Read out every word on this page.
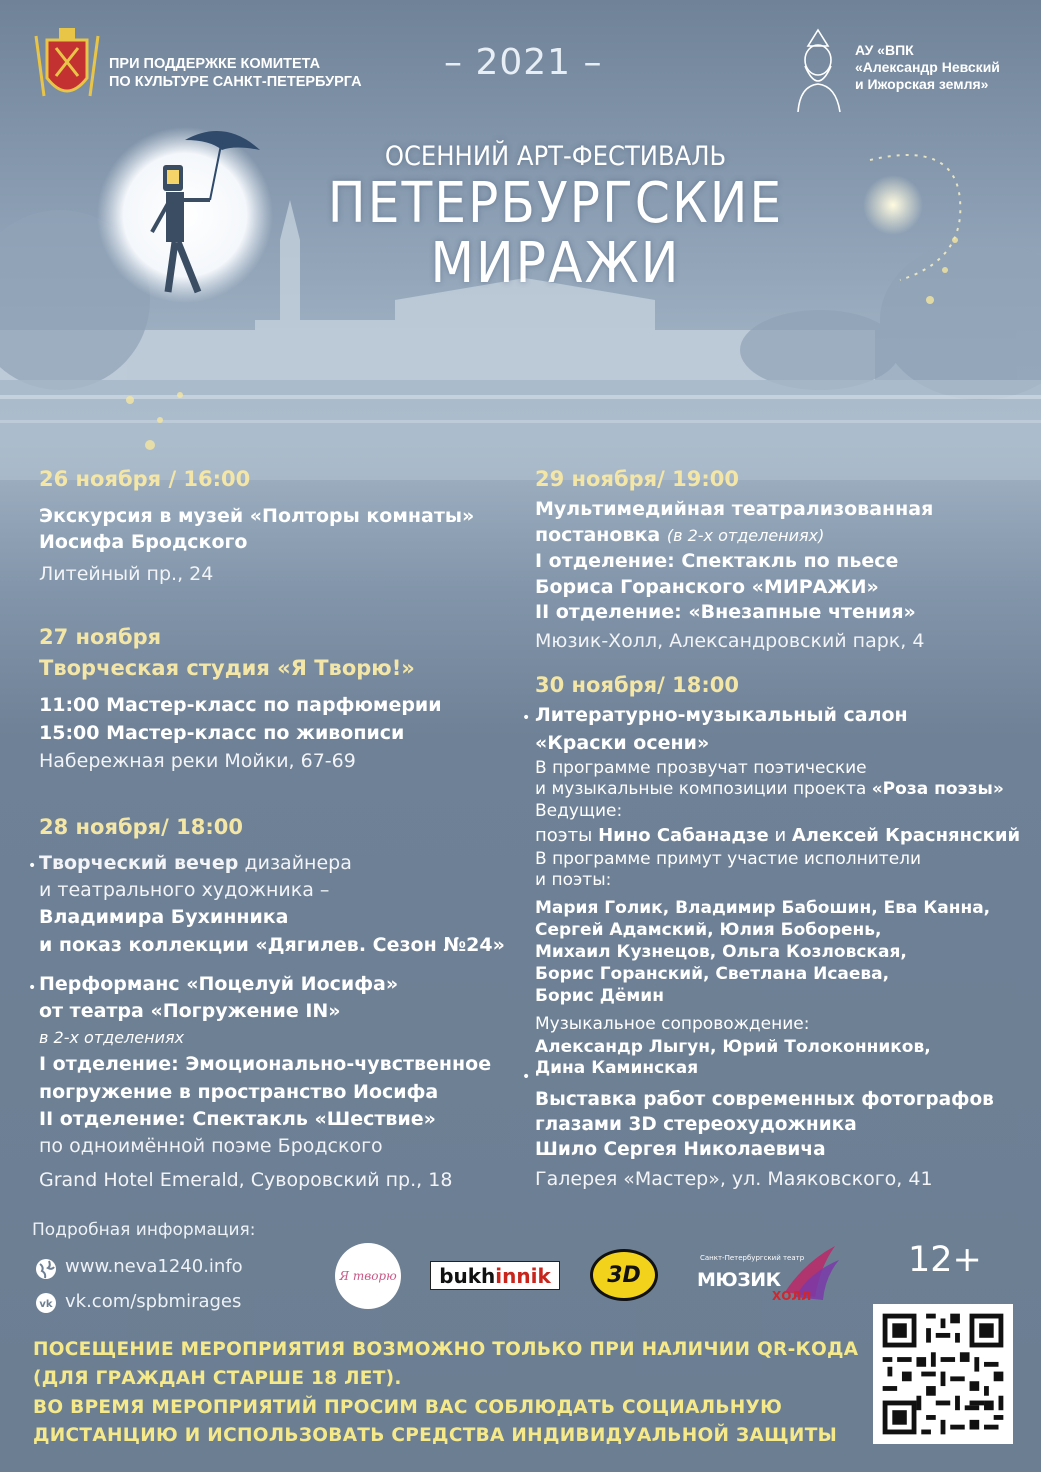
ПРИ ПОДДЕРЖКЕ КОМИТЕТА
ПО КУЛЬТУРЕ САНКТ-ПЕТЕРБУРГА – 2021 –	АУ «ВПК
«Александр Невский
и Ижорская земля»
ОСЕННИЙ АРТ-ФЕСТИВАЛЬ
ПЕТЕРБУРГСКИЕ
МИРАЖИ
26 ноября / 16:00
Экскурсия в музей «Полторы комнаты»
Иосифа Бродского
Литейный пр., 24
27 ноября
Творческая студия «Я Творю!»
11:00 Мастер-класс по парфюмерии
15:00 Мастер-класс по живописи
Набережная реки Мойки, 67-69
28 ноября/ 18:00
• Творческий вечер дизайнера
и театрального художника –
Владимира Бухинника
и показ коллекции «Дягилев. Сезон №24»
• Перформанс «Поцелуй Иосифа»
от театра «Погружение IN»
в 2-х отделениях
I отделение: Эмоционально-чувственное
погружение в пространство Иосифа
II отделение: Спектакль «Шествие»
по одноимённой поэме Бродского
Grand Hotel Emerald, Суворовский пр., 18
29 ноября/ 19:00
Мультимедийная театрализованная
постановка (в 2-х отделениях)
I отделение: Спектакль по пьесе
Бориса Горанского «МИРАЖИ»
II отделение: «Внезапные чтения»
Мюзик-Холл, Александровский парк, 4
30 ноября/ 18:00
• Литературно-музыкальный салон
«Краски осени»
В программе прозвучат поэтические
и музыкальные композиции проекта «Роза поэзы»
Ведущие:
поэты Нино Сабанадзе и Алексей Краснянский
В программе примут участие исполнители
и поэты:
Мария Голик, Владимир Бабошин, Ева Канна,
Сергей Адамский, Юлия Боборень,
Михаил Кузнецов, Ольга Козловская,
Борис Горанский, Светлана Исаева,
Борис Дёмин
Музыкальное сопровождение:
Александр Лыгун, Юрий Толоконников,
Дина Каминская
•
Выставка работ современных фотографов
глазами 3D стереохудожника
Шило Сергея Николаевича
Галерея «Мастер», ул. Маяковского, 41
Подробная информация:
www.neva1240.info
vk vk.com/spbmirages
Я творю bukh innik	3D
Санкт-Петербургский театр
МЮЗИК
ХОЛЛ
12+
ПОСЕЩЕНИЕ МЕРОПРИЯТИЯ ВОЗМОЖНО ТОЛЬКО ПРИ НАЛИЧИИ QR-КОДА
(ДЛЯ ГРАЖДАН СТАРШЕ 18 ЛЕТ).
ВО ВРЕМЯ МЕРОПРИЯТИЙ ПРОСИМ ВАС СОБЛЮДАТЬ СОЦИАЛЬНУЮ
ДИСТАНЦИЮ И ИСПОЛЬЗОВАТЬ СРЕДСТВА ИНДИВИДУАЛЬНОЙ ЗАЩИТЫ
